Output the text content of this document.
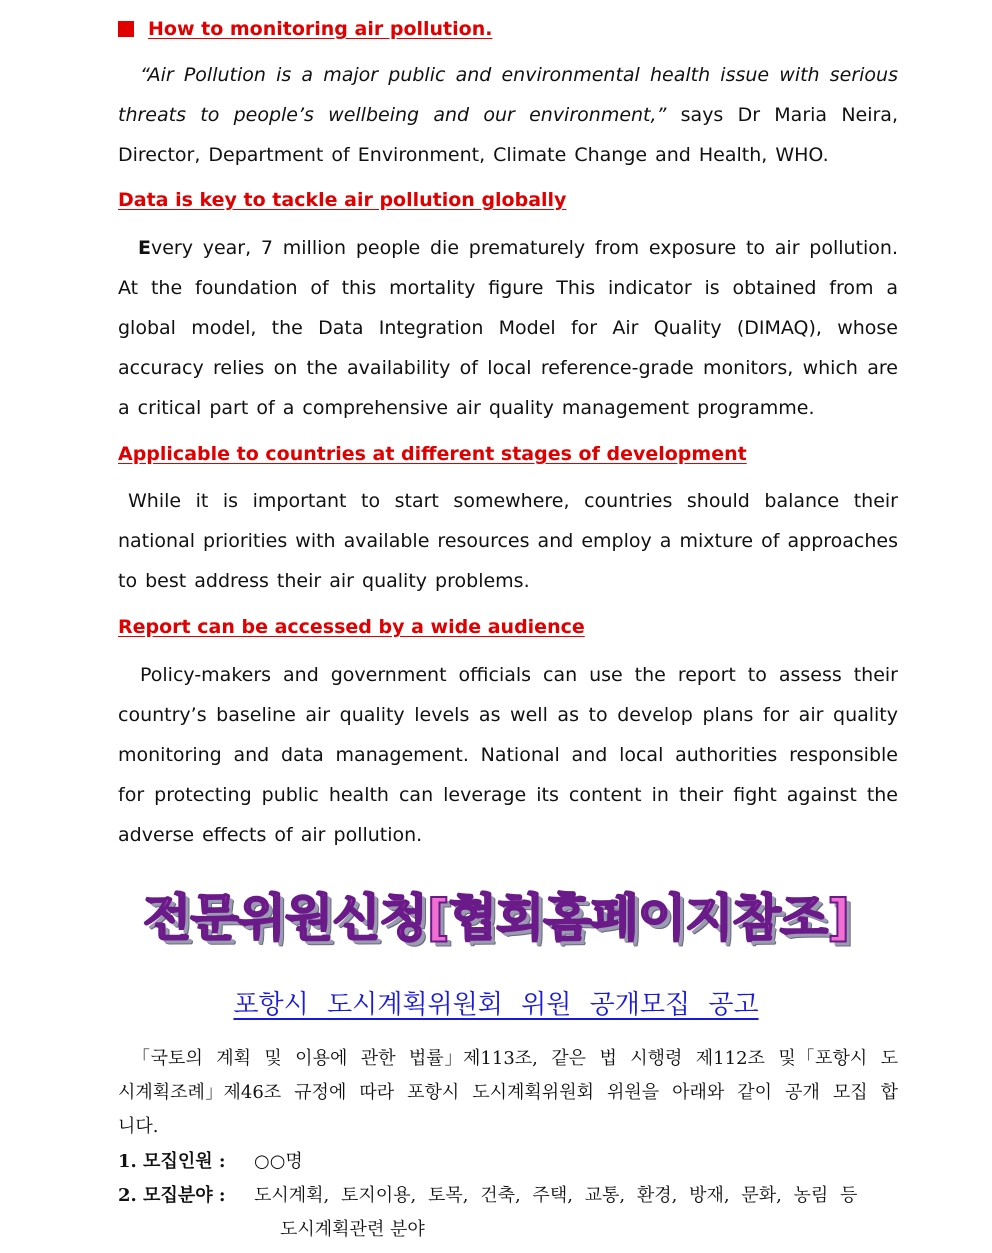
How to monitoring air pollution.
“Air Pollution is a major public and environmental health issue with serious threats to people’s wellbeing and our environment,” says Dr Maria Neira, Director, Department of Environment, Climate Change and Health, WHO.
Data is key to tackle air pollution globally
Every year, 7 million people die prematurely from exposure to air pollution. At the foundation of this mortality figure This indicator is obtained from a global model, the Data Integration Model for Air Quality (DIMAQ), whose accuracy relies on the availability of local reference-grade monitors, which are a critical part of a comprehensive air quality management programme.
Applicable to countries at different stages of development
While it is important to start somewhere, countries should balance their national priorities with available resources and employ a mixture of approaches to best address their air quality problems.
Report can be accessed by a wide audience
Policy-makers and government officials can use the report to assess their country’s baseline air quality levels as well as to develop plans for air quality monitoring and data management. National and local authorities responsible for protecting public health can leverage its content in their fight against the adverse effects of air pollution.
전문위원신청[협회홈페이지참조]
포항시 도시계획위원회 위원 공개모집 공고
「국토의 계획 및 이용에 관한 법률」제113조, 같은 법 시행령 제112조 및「포항시 도시계획조례」제46조 규정에 따라 포항시 도시계획위원회 위원을 아래와 같이 공개 모집 합니다.
1. 모집인원 : ○○명
2. 모집분야 : 도시계획, 토지이용, 토목, 건축, 주택, 교통, 환경, 방재, 문화, 농림 등
도시계획관련 분야
